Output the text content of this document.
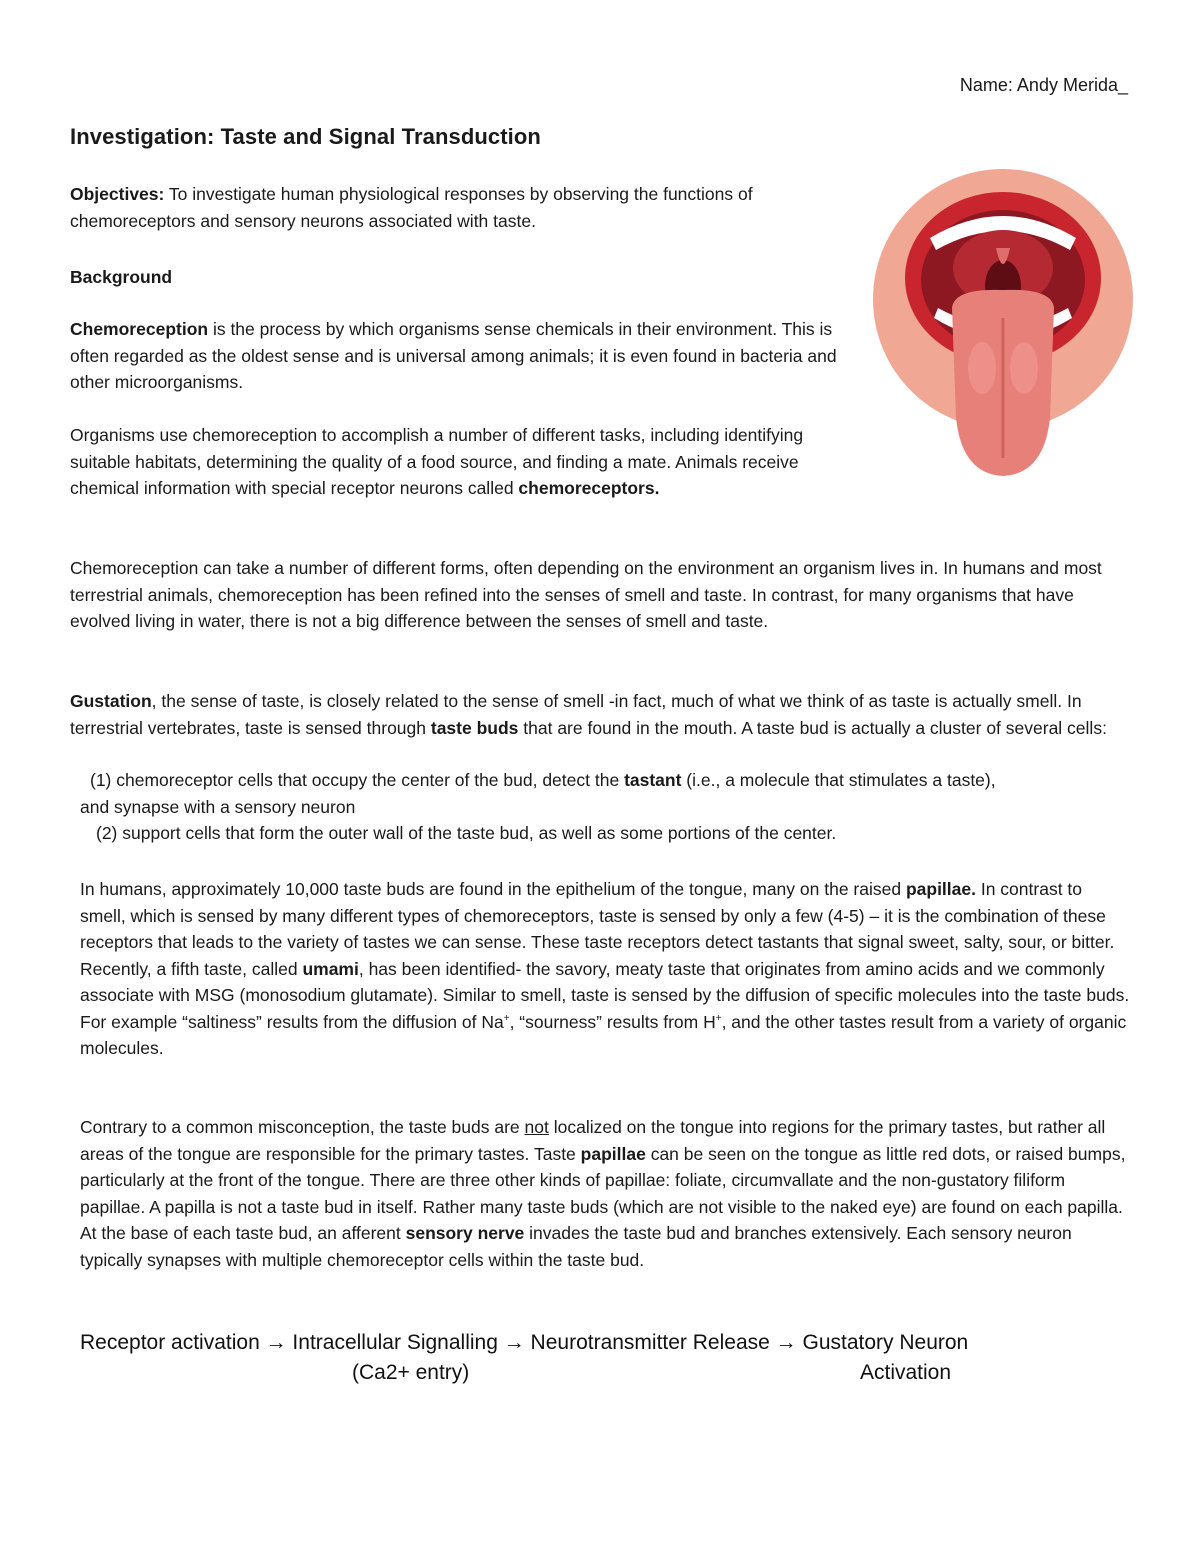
Name: Andy Merida_
Investigation: Taste and Signal Transduction

Objectives: To investigate human physiological responses by observing the functions of chemoreceptors and sensory neurons associated with taste.

Background

Chemoreception is the process by which organisms sense chemicals in their environment. This is often regarded as the oldest sense and is universal among animals; it is even found in bacteria and other microorganisms.

Organisms use chemoreception to accomplish a number of different tasks, including identifying suitable habitats, determining the quality of a food source, and finding a mate. Animals receive chemical information with special receptor neurons called chemoreceptors.

Chemoreception can take a number of different forms, often depending on the environment an organism lives in. In humans and most terrestrial animals, chemoreception has been refined into the senses of smell and taste. In contrast, for many organisms that have evolved living in water, there is not a big difference between the senses of smell and taste.

Gustation, the sense of taste, is closely related to the sense of smell -in fact, much of what we think of as taste is actually smell. In terrestrial vertebrates, taste is sensed through taste buds that are found in the mouth. A taste bud is actually a cluster of several cells:

(1) chemoreceptor cells that occupy the center of the bud, detect the tastant (i.e., a molecule that stimulates a taste),
and synapse with a sensory neuron
(2) support cells that form the outer wall of the taste bud, as well as some portions of the center.

In humans, approximately 10,000 taste buds are found in the epithelium of the tongue, many on the raised papillae. In contrast to smell, which is sensed by many different types of chemoreceptors, taste is sensed by only a few (4-5) – it is the combination of these receptors that leads to the variety of tastes we can sense. These taste receptors detect tastants that signal sweet, salty, sour, or bitter. Recently, a fifth taste, called umami, has been identified- the savory, meaty taste that originates from amino acids and we commonly associate with MSG (monosodium glutamate). Similar to smell, taste is sensed by the diffusion of specific molecules into the taste buds. For example “saltiness” results from the diffusion of Na+, “sourness” results from H+, and the other tastes result from a variety of organic molecules.

Contrary to a common misconception, the taste buds are not localized on the tongue into regions for the primary tastes, but rather all areas of the tongue are responsible for the primary tastes. Taste papillae can be seen on the tongue as little red dots, or raised bumps, particularly at the front of the tongue. There are three other kinds of papillae: foliate, circumvallate and the non-gustatory filiform papillae. A papilla is not a taste bud in itself. Rather many taste buds (which are not visible to the naked eye) are found on each papilla. At the base of each taste bud, an afferent sensory nerve invades the taste bud and branches extensively. Each sensory neuron typically synapses with multiple chemoreceptor cells within the taste bud.

Receptor activation → Intracellular Signalling → Neurotransmitter Release → Gustatory Neuron
(Ca2+ entry)	Activation
